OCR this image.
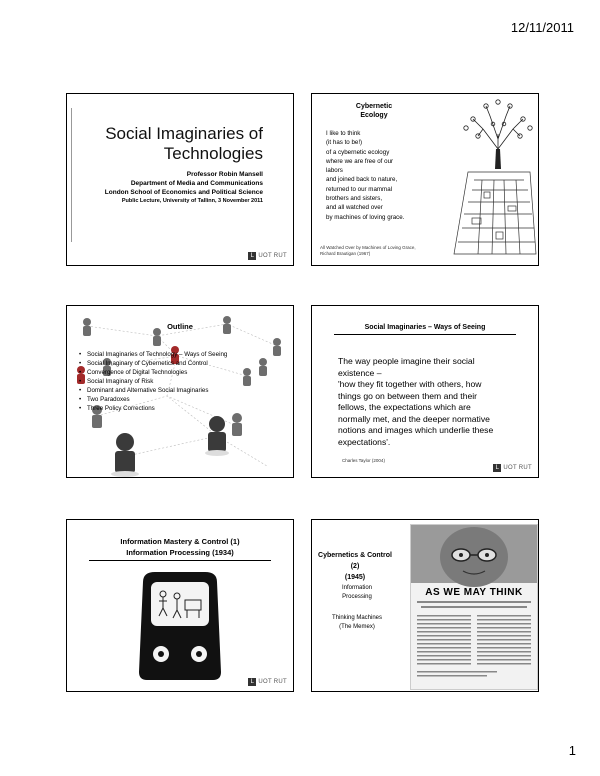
12/11/2011
Social Imaginaries of
Technologies
Professor Robin Mansell
Department of Media and Communications
London School of Economics and Political Science
Public Lecture, University of Tallinn, 3 November 2011
L UOT RUT
Cybernetic
Ecology
I like to think
(it has to be!)
of a cybernetic ecology
where we are free of our
labors
and joined back to nature,
returned to our mammal
brothers and sisters,
and all watched over
by machines of loving grace.
All Watched Over by Machines of Loving Grace,
Richard Brautigan (1967)
Outline
• Social Imaginaries of Technology – Ways of Seeing
• Social Imaginary of Cybernetics and Control
• Convergence of Digital Technologies
• Social Imaginary of Risk
• Dominant and Alternative Social Imaginaries
• Two Paradoxes
• Three Policy Corrections
Social Imaginaries – Ways of Seeing
The way people imagine their social
existence –
'how they fit together with others, how
things go on between them and their
fellows, the expectations which are
normally met, and the deeper normative
notions and images which underlie these
expectations'.
Charles Taylor (2004)
L UOT RUT
Information Mastery & Control (1)
Information Processing (1934)
L UOT RUT
Cybernetics & Control (2)
(1945)
Information
Processing
Thinking Machines
(The Memex)
AS WE MAY THINK
1
